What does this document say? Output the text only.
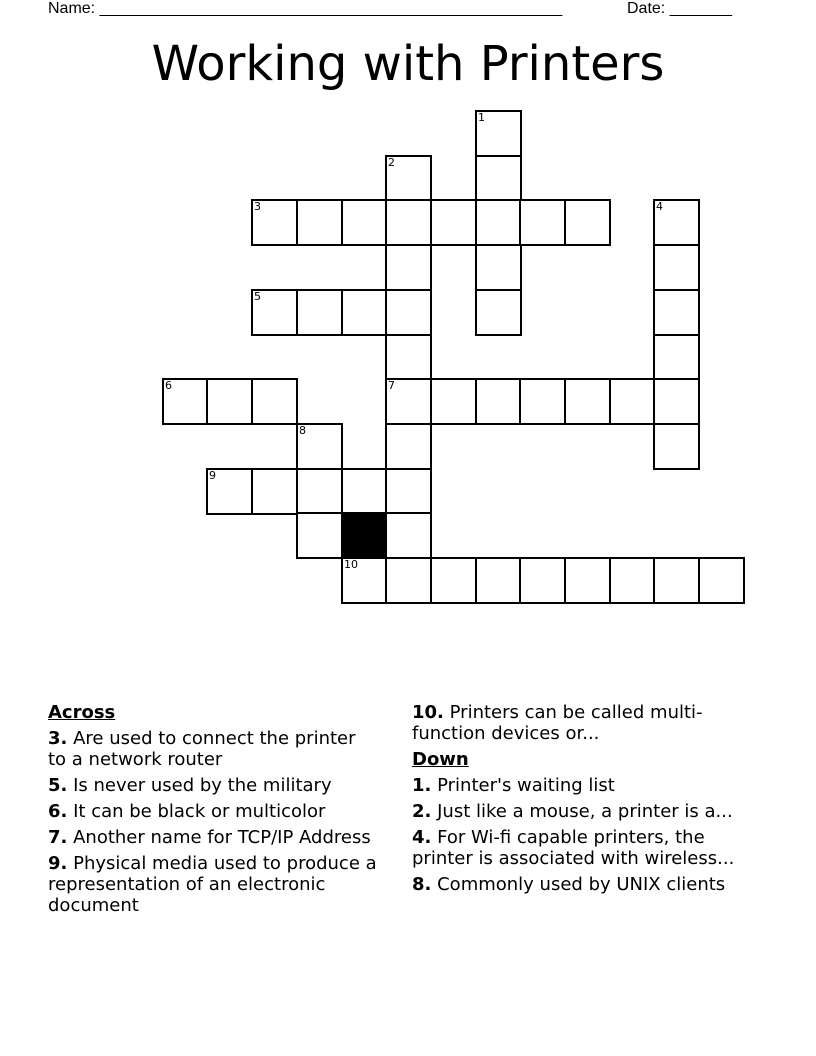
Name: ____________________________________________________	Date: _______
Working with Printers
1
2
3	4
5
6	7
8
9
10
Across
3. Are used to connect the printer to a network router
5. Is never used by the military
6. It can be black or multicolor
7. Another name for TCP/IP Address
9. Physical media used to produce a representation of an electronic document
10. Printers can be called multi-function devices or...
Down
1. Printer's waiting list
2. Just like a mouse, a printer is a...
4. For Wi-fi capable printers, the printer is associated with wireless...
8. Commonly used by UNIX clients
